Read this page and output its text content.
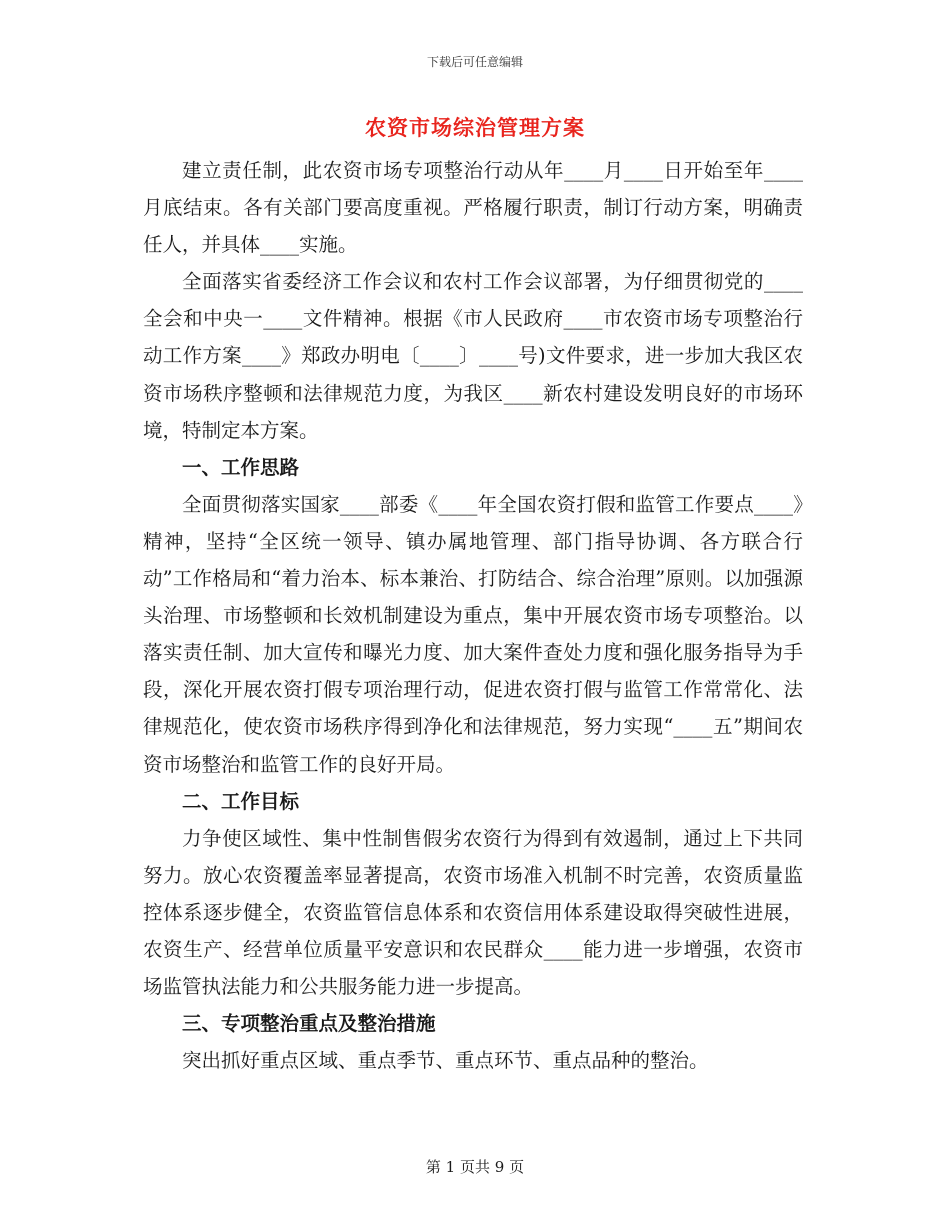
下载后可任意编辑
农资市场综治管理方案

建立责任制，此农资市场专项整治行动从年____月____日开始至年____月底结束。各有关部门要高度重视。严格履行职责，制订行动方案，明确责任人，并具体____实施。

全面落实省委经济工作会议和农村工作会议部署，为仔细贯彻党的____全会和中央一____文件精神。根据《市人民政府____市农资市场专项整治行动工作方案____》郑政办明电〔____〕____号)文件要求，进一步加大我区农资市场秩序整顿和法律规范力度，为我区____新农村建设发明良好的市场环境，特制定本方案。

一、工作思路

全面贯彻落实国家____部委《____年全国农资打假和监管工作要点____》精神，坚持“全区统一领导、镇办属地管理、部门指导协调、各方联合行动”工作格局和“着力治本、标本兼治、打防结合、综合治理”原则。以加强源头治理、市场整顿和长效机制建设为重点，集中开展农资市场专项整治。以落实责任制、加大宣传和曝光力度、加大案件查处力度和强化服务指导为手段，深化开展农资打假专项治理行动，促进农资打假与监管工作常常化、法律规范化，使农资市场秩序得到净化和法律规范，努力实现“____五”期间农资市场整治和监管工作的良好开局。

二、工作目标

力争使区域性、集中性制售假劣农资行为得到有效遏制，通过上下共同努力。放心农资覆盖率显著提高，农资市场准入机制不时完善，农资质量监控体系逐步健全，农资监管信息体系和农资信用体系建设取得突破性进展，农资生产、经营单位质量平安意识和农民群众____能力进一步增强，农资市场监管执法能力和公共服务能力进一步提高。

三、专项整治重点及整治措施

突出抓好重点区域、重点季节、重点环节、重点品种的整治。

第 1 页共 9 页
